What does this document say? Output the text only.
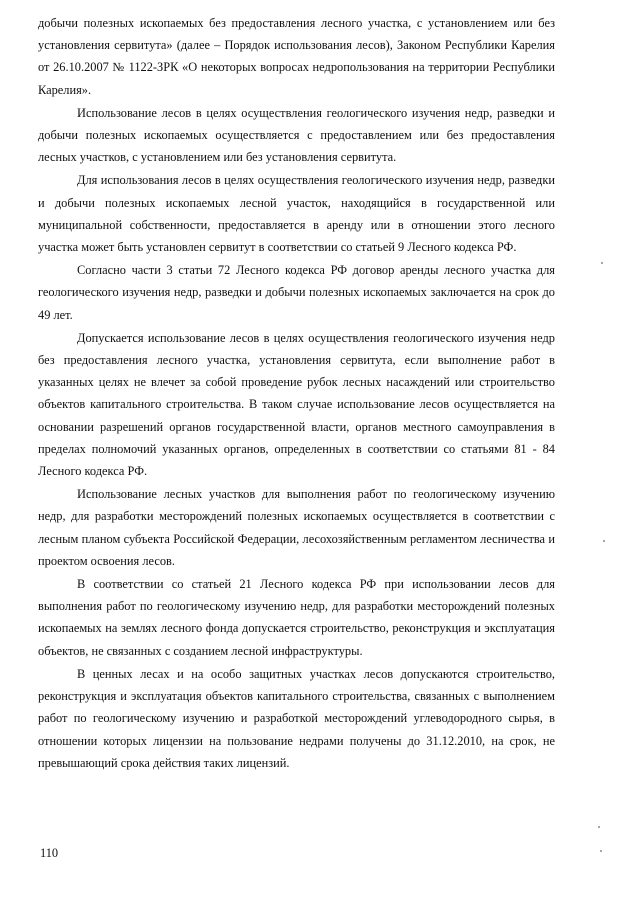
добычи полезных ископаемых без предоставления лесного участка, с установлением или без установления сервитута» (далее – Порядок использования лесов), Законом Республики Карелия от 26.10.2007 № 1122-ЗРК «О некоторых вопросах недропользования на территории Республики Карелия».

Использование лесов в целях осуществления геологического изучения недр, разведки и добычи полезных ископаемых осуществляется с предоставлением или без предоставления лесных участков, с установлением или без установления сервитута.

Для использования лесов в целях осуществления геологического изучения недр, разведки и добычи полезных ископаемых лесной участок, находящийся в государственной или муниципальной собственности, предоставляется в аренду или в отношении этого лесного участка может быть установлен сервитут в соответствии со статьей 9 Лесного кодекса РФ.

Согласно части 3 статьи 72 Лесного кодекса РФ договор аренды лесного участка для геологического изучения недр, разведки и добычи полезных ископаемых заключается на срок до 49 лет.

Допускается использование лесов в целях осуществления геологического изучения недр без предоставления лесного участка, установления сервитута, если выполнение работ в указанных целях не влечет за собой проведение рубок лесных насаждений или строительство объектов капитального строительства. В таком случае использование лесов осуществляется на основании разрешений органов государственной власти, органов местного самоуправления в пределах полномочий указанных органов, определенных в соответствии со статьями 81 - 84 Лесного кодекса РФ.

Использование лесных участков для выполнения работ по геологическому изучению недр, для разработки месторождений полезных ископаемых осуществляется в соответствии с лесным планом субъекта Российской Федерации, лесохозяйственным регламентом лесничества и проектом освоения лесов.

В соответствии со статьей 21 Лесного кодекса РФ при использовании лесов для выполнения работ по геологическому изучению недр, для разработки месторождений полезных ископаемых на землях лесного фонда допускается строительство, реконструкция и эксплуатация объектов, не связанных с созданием лесной инфраструктуры.

В ценных лесах и на особо защитных участках лесов допускаются строительство, реконструкция и эксплуатация объектов капитального строительства, связанных с выполнением работ по геологическому изучению и разработкой месторождений углеводородного сырья, в отношении которых лицензии на пользование недрами получены до 31.12.2010, на срок, не превышающий срока действия таких лицензий.

110
